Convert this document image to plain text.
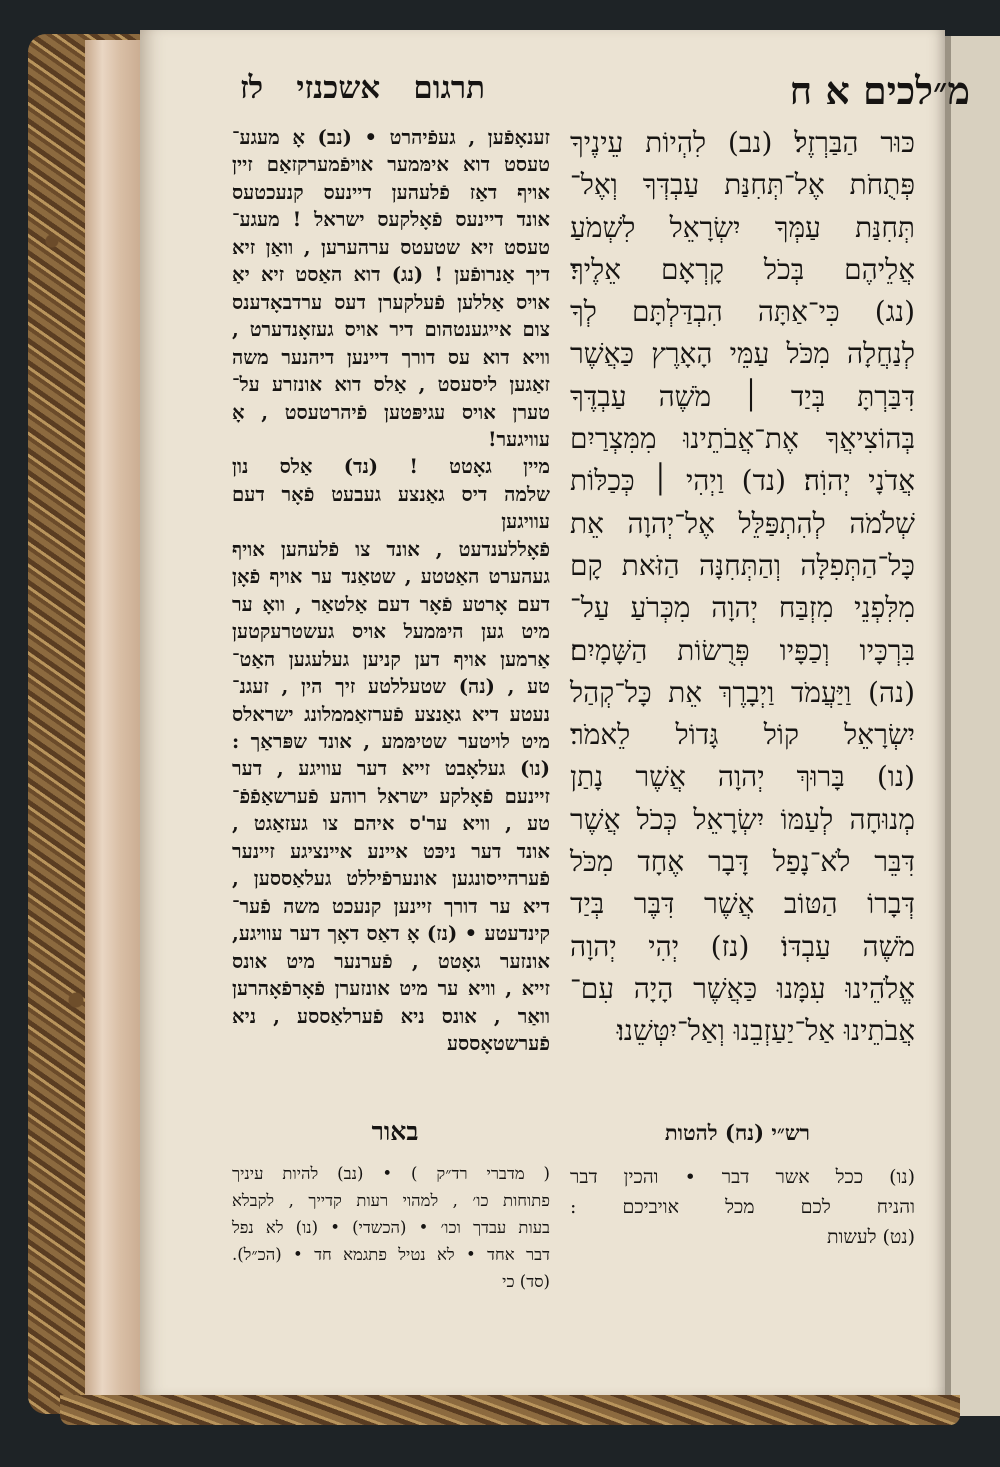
מ״לכים א ח
תרגום אשכנזי לז
כּוּר הַבַּרְזֶל׃ (נב) לִהְיוֹת עֵינֶיךָ
פְּתֻחֹת אֶל־תְּחִנַּת עַבְדְּךָ וְאֶל־
תְּחִנַּת עַמְּךָ יִשְׂרָאֵל לִשְׁמֹעַ
אֲלֵיהֶם בְּכֹל קָרְאָם אֵלֶיךָ׃
(נג) כִּי־אַתָּה הִבְדַּלְתָּם לְךָ
לְנַחֲלָה מִכֹּל עַמֵּי הָאָרֶץ כַּאֲשֶׁר
דִּבַּרְתָּ בְּיַד ׀ מֹשֶׁה עַבְדֶּךָ
בְּהוֹצִיאֲךָ אֶת־אֲבֹתֵינוּ מִמִּצְרַיִם
אֲדֹנָי יְהוִֹה׃ (נד) וַיְהִי ׀ כְּכַלּוֹת
שְׁלֹמֹה לְהִתְפַּלֵּל אֶל־יְהוָה אֵת
כָּל־הַתְּפִלָּה וְהַתְּחִנָּה הַזֹּאת קָם
מִלִּפְנֵי מִזְבַּח יְהוָה מִכְּרֹעַ עַל־
בִּרְכָּיו וְכַפָּיו פְּרֻשׂוֹת הַשָּׁמָיִם׃
(נה) וַיַּעֲמֹד וַיְבָרֶךְ אֵת כָּל־קְהַל
יִשְׂרָאֵל קוֹל גָּדוֹל לֵאמֹר׃
(נו) בָּרוּךְ יְהוָה אֲשֶׁר נָתַן
מְנוּחָה לְעַמּוֹ יִשְׂרָאֵל כְּכֹל אֲשֶׁר
דִּבֵּר לֹא־נָפַל דָּבָר אֶחָד מִכֹּל
דְּבָרוֹ הַטּוֹב אֲשֶׁר דִּבֶּר בְּיַד
מֹשֶׁה עַבְדּוֹ׃ (נז) יְהִי יְהוָה
אֱלֹהֵינוּ עִמָּנוּ כַּאֲשֶׁר הָיָה עִם־
אֲבֹתֵינוּ אַל־יַעַזְבֵנוּ וְאַל־יִטְּשֵׁנוּ׃
זענאָפֿען , געפֿיהרט • (נב) אָ מעגע־
טעסט דוא אימּמער אויפֿמערקזאַם זיין
אויף דאַז פֿלעהען דיינעס קנעכטעס
אונד דיינעס פֿאָלקעס ישראל ! מעגע־
טעסט זיא שטעטס ערהערען , וואַן זיא
דיך אַנרופֿען ! (נג) דוא האַסט זיא יאַ
אויס אַללען פֿעלקערן דעס ערדבאָדענס
צום אייגענטהום דיר אויס געזאָנדערט ,
וויא דוא עס דורך דיינען דיהנער משה
זאַגען ליסעסט , אַלס דוא אונזרע על־
טערן אויס עגיפּטען פֿיהרטעסט , אָ עוויגער!
מיין גאָטט ! (נד) אַלס נון
שלמה דיס גאַנצע געבעט פֿאָר דעם עוויגען
פֿאָללענדעט , אונד צו פֿלעהען אויף
געהערט האַטטע , שטאַנד ער אויף פֿאָן
דעם אָרטע פֿאָר דעם אַלטאַר , וואָ ער
מיט גען הימּמעל אויס געשטרעקטען
אַרמען אויף דען קניען געלעגען האַט־
טע , (נה) שטעללטע זיך הין , זעגנ־
נעטע דיא גאַנצע פֿערזאַממלונג ישראלס
מיט לויטער שטימּמע , אונד שפּראַך :
(נו) געלאָבט זייא דער עוויגע , דער
זיינעם פֿאָלקע ישראל רוהע פֿערשאַפֿפֿ־
טע , וויא ער'ס איהם צו געזאַגט ,
אונד דער ניכּט איינע איינציגע זיינער
פֿערהייסונגען אונערפֿיללט געלאַססען ,
דיא ער דורך זיינען קנעכט משה פֿער־
קינדעטע • (נז) אָ דאַס דאָך דער עוויגע,
אונזער גאָטט , פֿערנער מיט אונס
זייא , וויא ער מיט אונזערן פֿאָרפֿאָהרען
וואַר , אונס ניא פֿערלאַססע , ניא
פֿערשטאָססע
באור
( מדברי רד״ק ) • (נב) להיות עיניך
פתוחות כו׳ , למהוי רעות קדייך , לקבלא
בעות עבדך וכו׳ • (הכשדי) • (נו) לא נפל
דבר אחד • לא נטיל פתגמא חד • (הכ״ל).
(סד) כי
רש״י (נח) להטות
(נו) ככל אשר דבר • והכין דבר
והניח לכם מכל אויביכם :
(נט) לעשות
